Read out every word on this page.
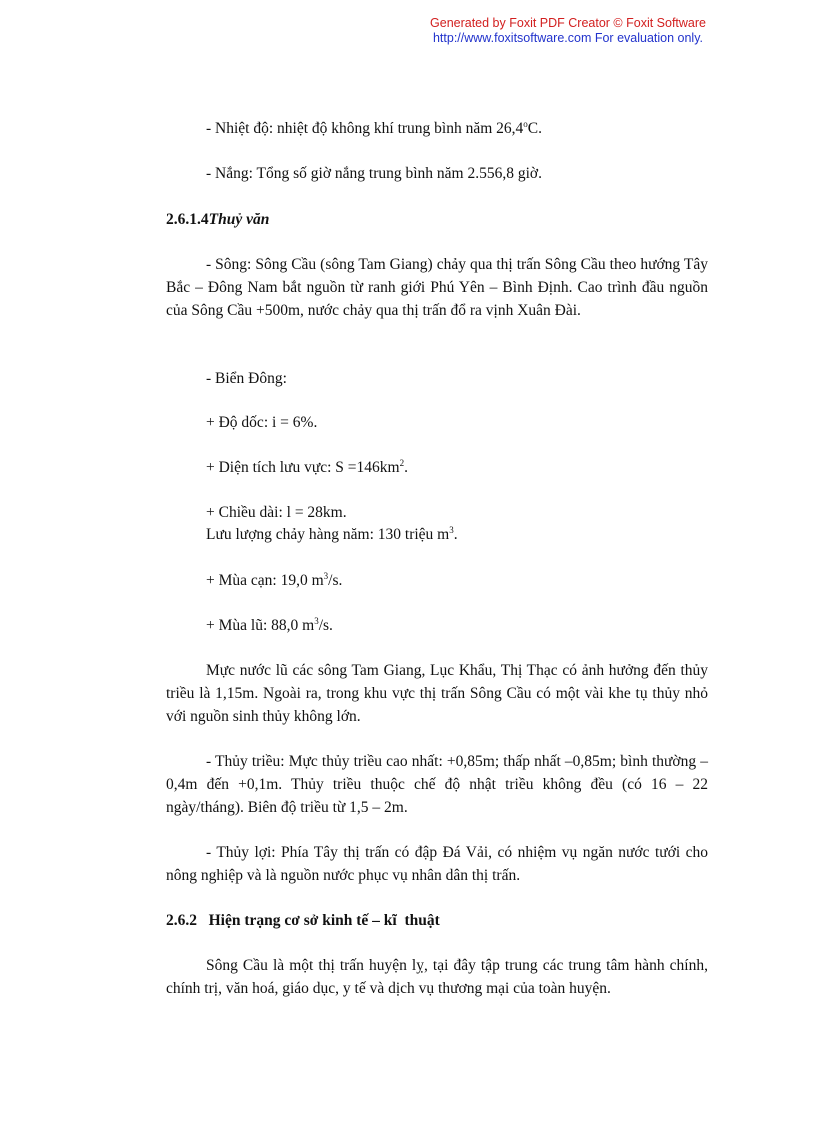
Generated by Foxit PDF Creator © Foxit Software
http://www.foxitsoftware.com For evaluation only.
- Nhiệt độ: nhiệt độ không khí trung bình năm 26,4$^o$C.
- Nắng: Tổng số giờ nắng trung bình năm 2.556,8 giờ.
2.6.1.4Thuỷ văn
- Sông: Sông Cầu (sông Tam Giang) chảy qua thị trấn Sông Cầu theo hướng Tây Bắc – Đông Nam bắt nguồn từ ranh giới Phú Yên – Bình Định. Cao trình đầu nguồn của Sông Cầu +500m, nước chảy qua thị trấn đổ ra vịnh Xuân Đài.
- Biển Đông:
+ Độ dốc: i = 6%.
+ Diện tích lưu vực: $S =146km^2$.
+ Chiều dài: l = 28km.
Lưu lượng chảy hàng năm: 130 triệu $m^3$.
+ Mùa cạn: 19,0 $m^3/s$.
+ Mùa lũ: 88,0 $m^3/s$.
Mực nước lũ các sông Tam Giang, Lục Khẩu, Thị Thạc có ảnh hưởng đến thủy triều là 1,15m. Ngoài ra, trong khu vực thị trấn Sông Cầu có một vài khe tụ thủy nhỏ với nguồn sinh thủy không lớn.
- Thủy triều: Mực thủy triều cao nhất: +0,85m; thấp nhất –0,85m; bình thường –0,4m đến +0,1m. Thủy triều thuộc chế độ nhật triều không đều (có 16 – 22 ngày/tháng). Biên độ triều từ 1,5 – 2m.
- Thủy lợi: Phía Tây thị trấn có đập Đá Vải, có nhiệm vụ ngăn nước tưới cho nông nghiệp và là nguồn nước phục vụ nhân dân thị trấn.
2.6.2   Hiện trạng cơ sở kinh tế – kĩ  thuật
Sông Cầu là một thị trấn huyện lỵ, tại đây tập trung các trung tâm hành chính, chính trị, văn hoá, giáo dục, y tế và dịch vụ thương mại của toàn huyện.
